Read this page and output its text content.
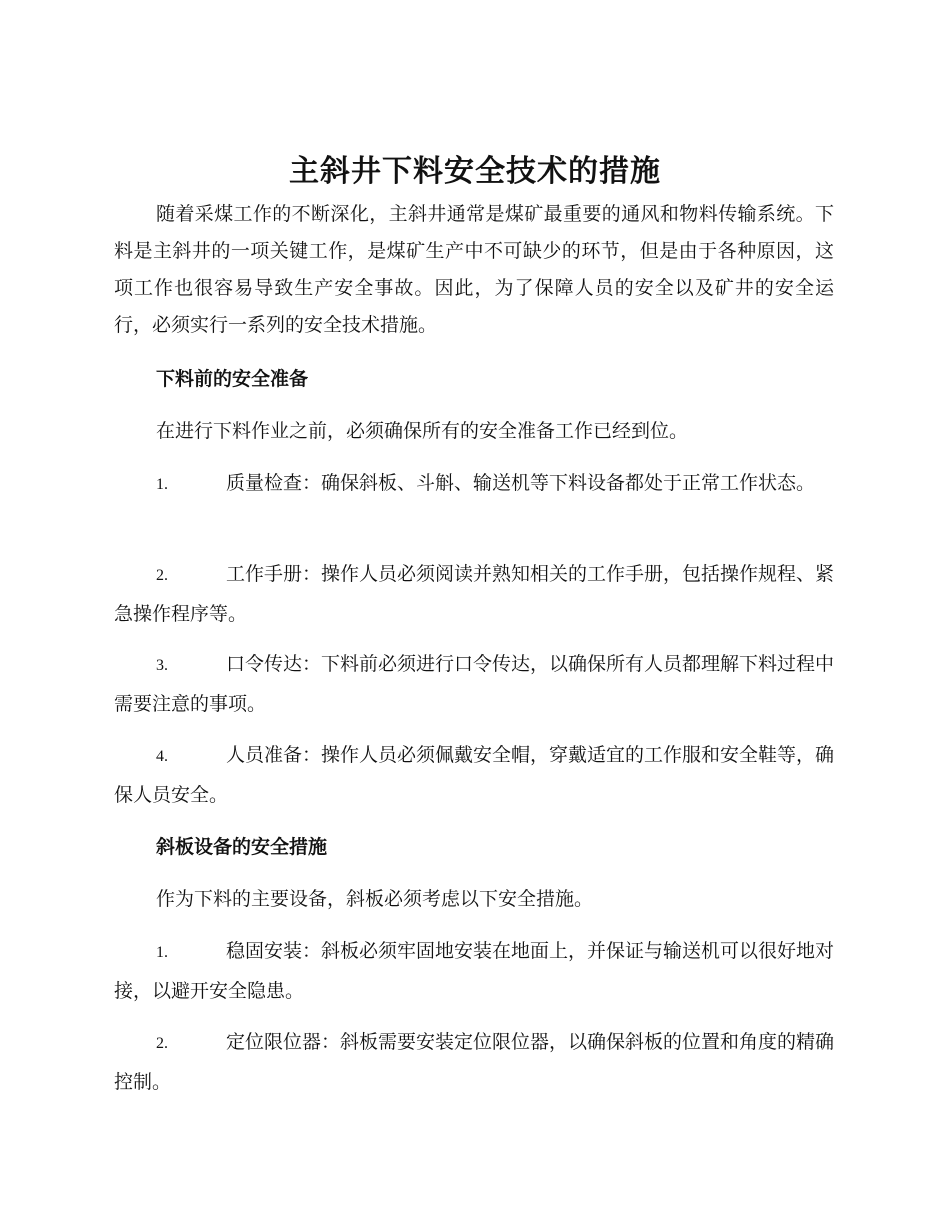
主斜井下料安全技术的措施
随着采煤工作的不断深化，主斜井通常是煤矿最重要的通风和物料传输系统。下料是主斜井的一项关键工作，是煤矿生产中不可缺少的环节，但是由于各种原因，这项工作也很容易导致生产安全事故。因此，为了保障人员的安全以及矿井的安全运行，必须实行一系列的安全技术措施。
下料前的安全准备
在进行下料作业之前，必须确保所有的安全准备工作已经到位。
1.	质量检查：确保斜板、斗斛、输送机等下料设备都处于正常工作状态。
2.	工作手册：操作人员必须阅读并熟知相关的工作手册，包括操作规程、紧急操作程序等。
3.	口令传达：下料前必须进行口令传达，以确保所有人员都理解下料过程中需要注意的事项。
4.	人员准备：操作人员必须佩戴安全帽，穿戴适宜的工作服和安全鞋等，确保人员安全。
斜板设备的安全措施
作为下料的主要设备，斜板必须考虑以下安全措施。
1.	稳固安装：斜板必须牢固地安装在地面上，并保证与输送机可以很好地对接，以避开安全隐患。
2.	定位限位器：斜板需要安装定位限位器，以确保斜板的位置和角度的精确控制。
